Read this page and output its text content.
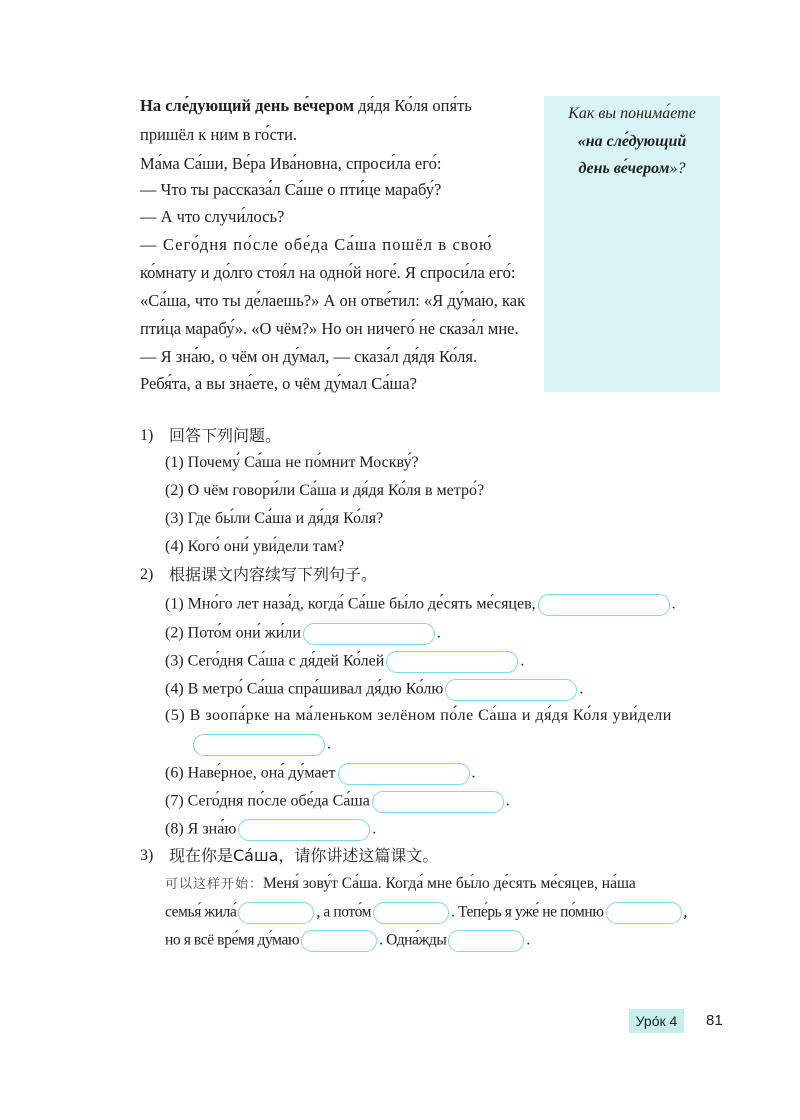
На сле́дующий день ве́чером дя́дя Ко́ля опя́ть
пришёл к ним в го́сти.
Ма́ма Са́ши, Ве́ра Ива́новна, спроси́ла его́:
— Что ты рассказа́л Са́ше о пти́це марабу́?
— А что случи́лось?
— Сего́дня по́сле обе́да Са́ша пошёл в свою́
ко́мнату и до́лго стоя́л на одно́й ноге́. Я спроси́ла его́:
«Са́ша, что ты де́лаешь?» А он отве́тил: «Я ду́маю, как
пти́ца марабу́». «О чём?» Но он ничего́ не сказа́л мне.
— Я зна́ю, о чём он ду́мал, — сказа́л дя́дя Ко́ля.
Ребя́та, а вы зна́ете, о чём ду́мал Са́ша?
Как вы понима́ете
«на сле́дующий
день ве́чером»?
1) 回答下列问题。
(1) Почему́ Са́ша не по́мнит Москву́?
(2) О чём говори́ли Са́ша и дя́дя Ко́ля в метро́?
(3) Где бы́ли Са́ша и дя́дя Ко́ля?
(4) Кого́ они́ уви́дели там?
2) 根据课文内容续写下列句子。
(1) Мно́го лет наза́д, когда́ Са́ше бы́ло де́сять ме́сяцев,	.
(2) Пото́м они́ жи́ли	.
(3) Сего́дня Са́ша с дя́дей Ко́лей	.
(4) В метро́ Са́ша спра́шивал дя́дю Ко́лю	.
(5) В зоопа́рке на ма́леньком зелёном по́ле Са́ша и дя́дя Ко́ля уви́дели
.
(6) Наве́рное, она́ ду́мает	.
(7) Сего́дня по́сле обе́да Са́ша	.
(8) Я зна́ю	.
3) 现在你是Са́ша，请你讲述这篇课文。
可以这样开始：Меня́ зову́т Са́ша. Когда́ мне бы́ло де́сять ме́сяцев, на́ша
семья́ жила́	, а пото́м	. Тепе́рь я уже́ не по́мню	,
но я всё вре́мя ду́маю	. Одна́жды	.
Уро́к 4	81
